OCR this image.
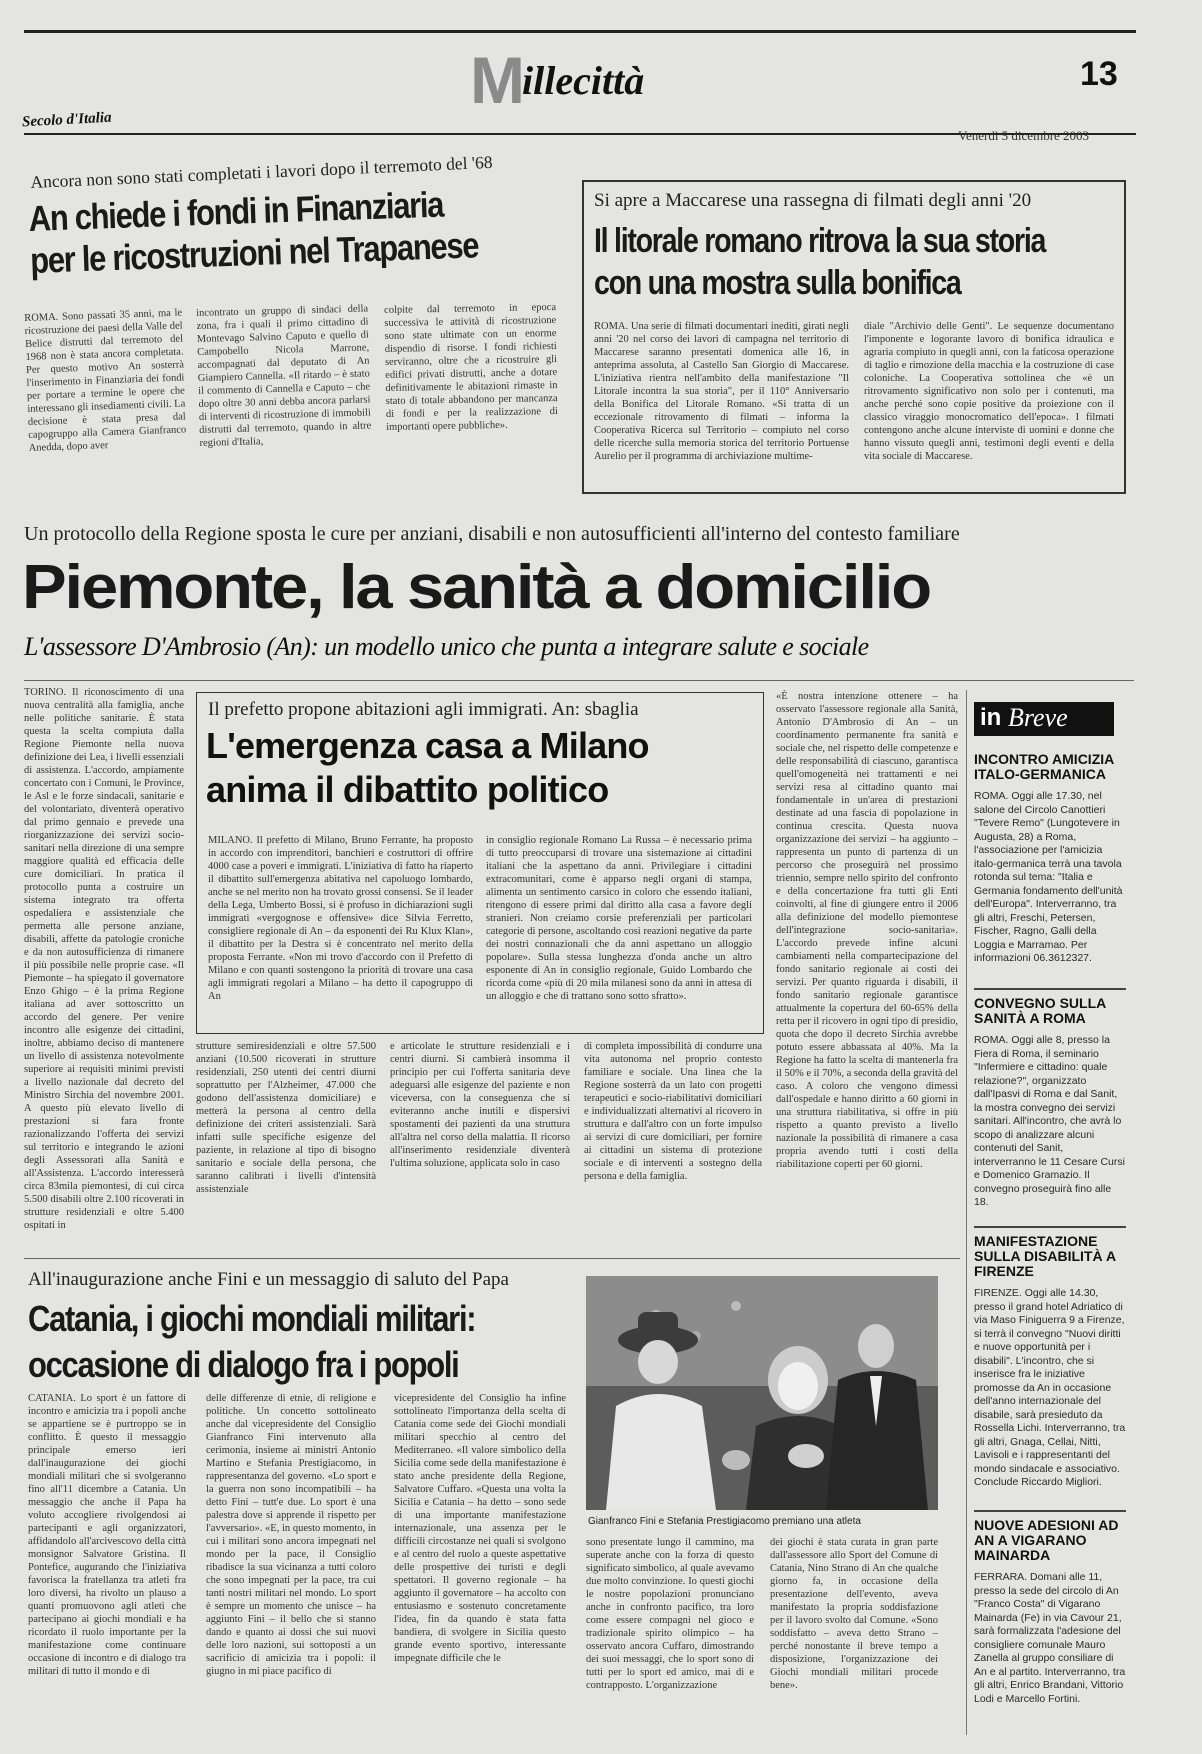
M illecittà	13
Secolo d'Italia
Venerdì 5 dicembre 2003
Ancora non sono stati completati i lavori dopo il terremoto del '68
An chiede i fondi in Finanziaria
per le ricostruzioni nel Trapanese
ROMA. Sono passati 35 anni, ma le ricostruzione dei paesi della Valle del Belice distrutti dal terremoto del 1968 non è stata ancora completata. Per questo motivo An sosterrà l'inserimento in Finanziaria dei fondi per portare a termine le opere che interessano gli insediamenti civili. La decisione è stata presa dal capogruppo alla Camera Gianfranco Anedda, dopo aver
incontrato un gruppo di sindaci della zona, fra i quali il primo cittadino di Montevago Salvino Caputo e quello di Campobello Nicola Marrone, accompagnati dal deputato di An Giampiero Cannella. «Il ritardo – è stato il commento di Cannella e Caputo – che dopo oltre 30 anni debba ancora parlarsi di interventi di ricostruzione di immobili distrutti dal terremoto, quando in altre regioni d'Italia,
colpite dal terremoto in epoca successiva le attività di ricostruzione sono state ultimate con un enorme dispendio di risorse. I fondi richiesti serviranno, oltre che a ricostruire gli edifici privati distrutti, anche a dotare definitivamente le abitazioni rimaste in stato di totale abbandono per mancanza di fondi e per la realizzazione di importanti opere pubbliche».
Si apre a Maccarese una rassegna di filmati degli anni '20
Il litorale romano ritrova la sua storia
con una mostra sulla bonifica
ROMA. Una serie di filmati documentari inediti, girati negli anni '20 nel corso dei lavori di campagna nel territorio di Maccarese saranno presentati domenica alle 16, in anteprima assoluta, al Castello San Giorgio di Maccarese. L'iniziativa rientra nell'ambito della manifestazione "Il Litorale incontra la sua storia", per il 110° Anniversario della Bonifica del Litorale Romano. «Si tratta di un eccezionale ritrovamento di filmati – informa la Cooperativa Ricerca sul Territorio – compiuto nel corso delle ricerche sulla memoria storica del territorio Portuense Aurelio per il programma di archiviazione multime-
diale "Archivio delle Genti". Le sequenze documentano l'imponente e logorante lavoro di bonifica idraulica e agraria compiuto in quegli anni, con la faticosa operazione di taglio e rimozione della macchia e la costruzione di case coloniche. La Cooperativa sottolinea che «è un ritrovamento significativo non solo per i contenuti, ma anche perché sono copie positive da proiezione con il classico viraggio monocromatico dell'epoca». I filmati contengono anche alcune interviste di uomini e donne che hanno vissuto quegli anni, testimoni degli eventi e della vita sociale di Maccarese.
Un protocollo della Regione sposta le cure per anziani, disabili e non autosufficienti all'interno del contesto familiare
Piemonte, la sanità a domicilio
L'assessore D'Ambrosio (An): un modello unico che punta a integrare salute e sociale
TORINO. Il riconoscimento di una nuova centralità alla famiglia, anche nelle politiche sanitarie. È stata questa la scelta compiuta dalla Regione Piemonte nella nuova definizione dei Lea, i livelli essenziali di assistenza. L'accordo, ampiamente concertato con i Comuni, le Province, le Asl e le forze sindacali, sanitarie e del volontariato, diventerà operativo dal primo gennaio e prevede una riorganizzazione dei servizi socio-sanitari nella direzione di una sempre maggiore qualità ed efficacia delle cure domiciliari. In pratica il protocollo punta a costruire un sistema integrato tra offerta ospedaliera e assistenziale che permetta alle persone anziane, disabili, affette da patologie croniche e da non autosufficienza di rimanere il più possibile nelle proprie case. «Il Piemonte – ha spiegato il governatore Enzo Ghigo – è la prima Regione italiana ad aver sottoscritto un accordo del genere. Per venire incontro alle esigenze dei cittadini, inoltre, abbiamo deciso di mantenere un livello di assistenza notevolmente superiore ai requisiti minimi previsti a livello nazionale dal decreto del Ministro Sirchia del novembre 2001. A questo più elevato livello di prestazioni si fara fronte razionalizzando l'offerta dei servizi sul territorio e integrando le azioni degli Assessorati alla Sanità e all'Assistenza. L'accordo interesserà circa 83mila piemontesi, di cui circa 5.500 disabili oltre 2.100 ricoverati in strutture residenziali e oltre 5.400 ospitati in
Il prefetto propone abitazioni agli immigrati. An: sbaglia
L'emergenza casa a Milano
anima il dibattito politico
MILANO. Il prefetto di Milano, Bruno Ferrante, ha proposto in accordo con imprenditori, banchieri e costruttori di offrire 4000 case a poveri e immigrati. L'iniziativa di fatto ha riaperto il dibattito sull'emergenza abitativa nel capoluogo lombardo, anche se nel merito non ha trovato grossi consensi. Se il leader della Lega, Umberto Bossi, si è profuso in dichiarazioni sugli immigrati «vergognose e offensive» dice Silvia Ferretto, consigliere regionale di An – da esponenti dei Ru Klux Klan», il dibattito per la Destra si è concentrato nel merito della proposta Ferrante. «Non mi trovo d'accordo con il Prefetto di Milano e con quanti sostengono la priorità di trovare una casa agli immigrati regolari a Milano – ha detto il capogruppo di An
in consiglio regionale Romano La Russa – è necessario prima di tutto preoccuparsi di trovare una sistemazione ai cittadini italiani che la aspettano da anni. Privilegiare i cittadini extracomunitari, come è apparso negli organi di stampa, alimenta un sentimento carsico in coloro che essendo italiani, ritengono di essere primi dal diritto alla casa a favore degli stranieri. Non creiamo corsie preferenziali per particolari categorie di persone, ascoltando così reazioni negative da parte dei nostri connazionali che da anni aspettano un alloggio popolare». Sulla stessa lunghezza d'onda anche un altro esponente di An in consiglio regionale, Guido Lombardo che ricorda come «più di 20 mila milanesi sono da anni in attesa di un alloggio e che di trattano sono sotto sfratto».
strutture semiresidenziali e oltre 57.500 anziani (10.500 ricoverati in strutture residenziali, 250 utenti dei centri diurni soprattutto per l'Alzheimer, 47.000 che godono dell'assistenza domiciliare) e metterà la persona al centro della definizione dei criteri assistenziali. Sarà infatti sulle specifiche esigenze del paziente, in relazione al tipo di bisogno sanitario e sociale della persona, che saranno calibrati i livelli d'intensità assistenziale
e articolate le strutture residenziali e i centri diurni. Si cambierà insomma il principio per cui l'offerta sanitaria deve adeguarsi alle esigenze del paziente e non viceversa, con la conseguenza che si eviteranno anche inutili e dispersivi spostamenti dei pazienti da una struttura all'altra nel corso della malattia. Il ricorso all'inserimento residenziale diventerà l'ultima soluzione, applicata solo in caso
di completa impossibilità di condurre una vita autonoma nel proprio contesto familiare e sociale. Una linea che la Regione sosterrà da un lato con progetti terapeutici e socio-riabilitativi domiciliari e individualizzati alternativi al ricovero in struttura e dall'altro con un forte impulso ai servizi di cure domiciliari, per fornire ai cittadini un sistema di protezione sociale e di interventi a sostegno della persona e della famiglia.
«È nostra intenzione ottenere – ha osservato l'assessore regionale alla Sanità, Antonio D'Ambrosio di An – un coordinamento permanente fra sanità e sociale che, nel rispetto delle competenze e delle responsabilità di ciascuno, garantisca quell'omogeneità nei trattamenti e nei servizi resa al cittadino quanto mai fondamentale in un'area di prestazioni destinate ad una fascia di popolazione in continua crescita. Questa nuova organizzazione dei servizi – ha aggiunto – rappresenta un punto di partenza di un percorso che proseguirà nel prossimo triennio, sempre nello spirito del confronto e della concertazione fra tutti gli Enti coinvolti, al fine di giungere entro il 2006 alla definizione del modello piemontese dell'integrazione socio-sanitaria». L'accordo prevede infine alcuni cambiamenti nella compartecipazione del fondo sanitario regionale ai costi dei servizi. Per quanto riguarda i disabili, il fondo sanitario regionale garantisce attualmente la copertura del 60-65% della retta per il ricovero in ogni tipo di presidio, quota che dopo il decreto Sirchia avrebbe potuto essere abbassata al 40%. Ma la Regione ha fatto la scelta di mantenerla fra il 50% e il 70%, a seconda della gravità del caso. A coloro che vengono dimessi dall'ospedale e hanno diritto a 60 giorni in una struttura riabilitativa, si offre in più rispetto a quanto previsto a livello nazionale la possibilità di rimanere a casa propria avendo tutti i costi della riabilitazione coperti per 60 giorni.
in Breve
INCONTRO AMICIZIA ITALO-GERMANICA
ROMA. Oggi alle 17.30, nel salone del Circolo Canottieri "Tevere Remo" (Lungotevere in Augusta, 28) a Roma, l'associazione per l'amicizia italo-germanica terrà una tavola rotonda sul tema: "Italia e Germania fondamento dell'unità dell'Europa". Interverranno, tra gli altri, Freschi, Petersen, Fischer, Ragno, Galli della Loggia e Marramao. Per informazioni 06.3612327.
CONVEGNO SULLA SANITÀ A ROMA
ROMA. Oggi alle 8, presso la Fiera di Roma, il seminario "Infermiere e cittadino: quale relazione?", organizzato dall'Ipasvi di Roma e dal Sanit, la mostra convegno dei servizi sanitari. All'incontro, che avrà lo scopo di analizzare alcuni contenuti del Sanit, interverranno le 11 Cesare Cursi e Domenico Gramazio. Il convegno proseguirà fino alle 18.
MANIFESTAZIONE SULLA DISABILITÀ A FIRENZE
FIRENZE. Oggi alle 14.30, presso il grand hotel Adriatico di via Maso Finiguerra 9 a Firenze, si terrà il convegno "Nuovi diritti e nuove opportunità per i disabili". L'incontro, che si inserisce fra le iniziative promosse da An in occasione dell'anno internazionale del disabile, sarà presieduto da Rossella Lichi. Interverranno, tra gli altri, Gnaga, Cellai, Nitti, Lavisoli e i rappresentanti del mondo sindacale e associativo. Conclude Riccardo Migliori.
NUOVE ADESIONI AD AN A VIGARANO MAINARDA
FERRARA. Domani alle 11, presso la sede del circolo di An "Franco Costa" di Vigarano Mainarda (Fe) in via Cavour 21, sarà formalizzata l'adesione del consigliere comunale Mauro Zanella al gruppo consiliare di An e al partito. Interverranno, tra gli altri, Enrico Brandani, Vittorio Lodi e Marcello Fortini.
All'inaugurazione anche Fini e un messaggio di saluto del Papa
Catania, i giochi mondiali militari:
occasione di dialogo fra i popoli
CATANIA. Lo sport è un fattore di incontro e amicizia tra i popoli anche se appartiene se è purtroppo se in conflitto. È questo il messaggio principale emerso ieri dall'inaugurazione dei giochi mondiali militari che si svolgeranno fino all'11 dicembre a Catania. Un messaggio che anche il Papa ha voluto accogliere rivolgendosi ai partecipanti e agli organizzatori, affidandolo all'arcivescovo della città monsignor Salvatore Gristina. Il Pontefice, augurando che l'iniziativa favorisca la fratellanza tra atleti fra loro diversi, ha rivolto un plauso a quanti promuovono agli atleti che partecipano ai giochi mondiali e ha ricordato il ruolo importante per la manifestazione come continuare occasione di incontro e di dialogo tra militari di tutto il mondo e di
delle differenze di etnie, di religione e politiche. Un concetto sottolineato anche dal vicepresidente del Consiglio Gianfranco Fini intervenuto alla cerimonia, insieme ai ministri Antonio Martino e Stefania Prestigiacomo, in rappresentanza del governo. «Lo sport e la guerra non sono incompatibili – ha detto Fini – tutt'e due. Lo sport è una palestra dove si apprende il rispetto per l'avversario». «E, in questo momento, in cui i militari sono ancora impegnati nel mondo per la pace, il Consiglio ribadisce la sua vicinanza a tutti coloro che sono impegnati per la pace, tra cui tanti nostri militari nel mondo. Lo sport è sempre un momento che unisce – ha aggiunto Fini – il bello che si stanno dando e quanto ai dossi che sui nuovi delle loro nazioni, sui sottoposti a un sacrificio di amicizia tra i popoli: il giugno in mi piace pacifico di
vicepresidente del Consiglio ha infine sottolineato l'importanza della scelta di Catania come sede dei Giochi mondiali militari specchio al centro del Mediterraneo. «Il valore simbolico della Sicilia come sede della manifestazione è stato anche presidente della Regione, Salvatore Cuffaro. «Questa una volta la Sicilia e Catania – ha detto – sono sede di una importante manifestazione internazionale, una assenza per le difficili circostanze nei quali si svolgono e al centro del ruolo a queste aspettative delle prospettive dei turisti e degli spettatori. Il governo regionale – ha aggiunto il governatore – ha accolto con entusiasmo e sostenuto concretamente l'idea, fin da quando è stata fatta bandiera, di svolgere in Sicilia questo grande evento sportivo, interessante impegnate difficile che le
Gianfranco Fini e Stefania Prestigiacomo premiano una atleta
sono presentate lungo il cammino, ma superate anche con la forza di questo significato simbolico, al quale avevamo due molto convinzione. Io questi giochi le nostre popolazioni pronunciano anche in confronto pacifico, tra loro come essere compagni nel gioco e tradizionale spirito olimpico – ha osservato ancora Cuffaro, dimostrando dei suoi messaggi, che lo sport sono di tutti per lo sport ed amico, mai di e contrapposto. L'organizzazione
dei giochi è stata curata in gran parte dall'assessore allo Sport del Comune di Catania, Nino Strano di An che qualche giorno fa, in occasione della presentazione dell'evento, aveva manifestato la propria soddisfazione per il lavoro svolto dal Comune. «Sono soddisfatto – aveva detto Strano – perché nonostante il breve tempo a disposizione, l'organizzazione dei Giochi mondiali militari procede bene».
